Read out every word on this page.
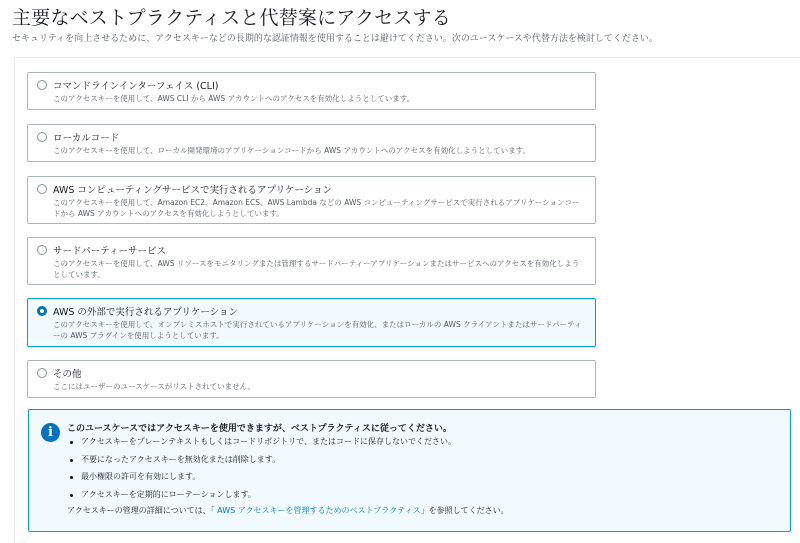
主要なベストプラクティスと代替案にアクセスする
セキュリティを向上させるために、アクセスキーなどの長期的な認証情報を使用することは避けてください。次のユースケースや代替方法を検討してください。
コマンドラインインターフェイス (CLI)
このアクセスキーを使用して、AWS CLI から AWS アカウントへのアクセスを有効化しようとしています。
ローカルコード
このアクセスキーを使用して、ローカル開発環境のアプリケーションコードから AWS アカウントへのアクセスを有効化しようとしています。
AWS コンピューティングサービスで実行されるアプリケーション
このアクセスキーを使用して、Amazon EC2、Amazon ECS、AWS Lambda などの AWS コンピューティングサービスで実行されるアプリケーションコードから AWS アカウントへのアクセスを有効化しようとしています。
サードパーティーサービス
このアクセスキーを使用して、AWS リソースをモニタリングまたは管理するサードパーティーアプリケーションまたはサービスへのアクセスを有効化しようとしています。
AWS の外部で実行されるアプリケーション
このアクセスキーを使用して、オンプレミスホストで実行されているアプリケーションを有効化、またはローカルの AWS クライアントまたはサードパーティーの AWS プラグインを使用しようとしています。
その他
ここにはユーザーのユースケースがリストされていません。
i	このユースケースではアクセスキーを使用できますが、ベストプラクティスに従ってください。
アクセスキーをプレーンテキストもしくはコードリポジトリで、またはコードに保存しないでください。
不要になったアクセスキーを無効化または削除します。
最小権限の許可を有効にします。
アクセスキーを定期的にローテーションします。
アクセスキーの管理の詳細については、「 AWS アクセスキーを管理するためのベストプラクティス」を参照してください。
